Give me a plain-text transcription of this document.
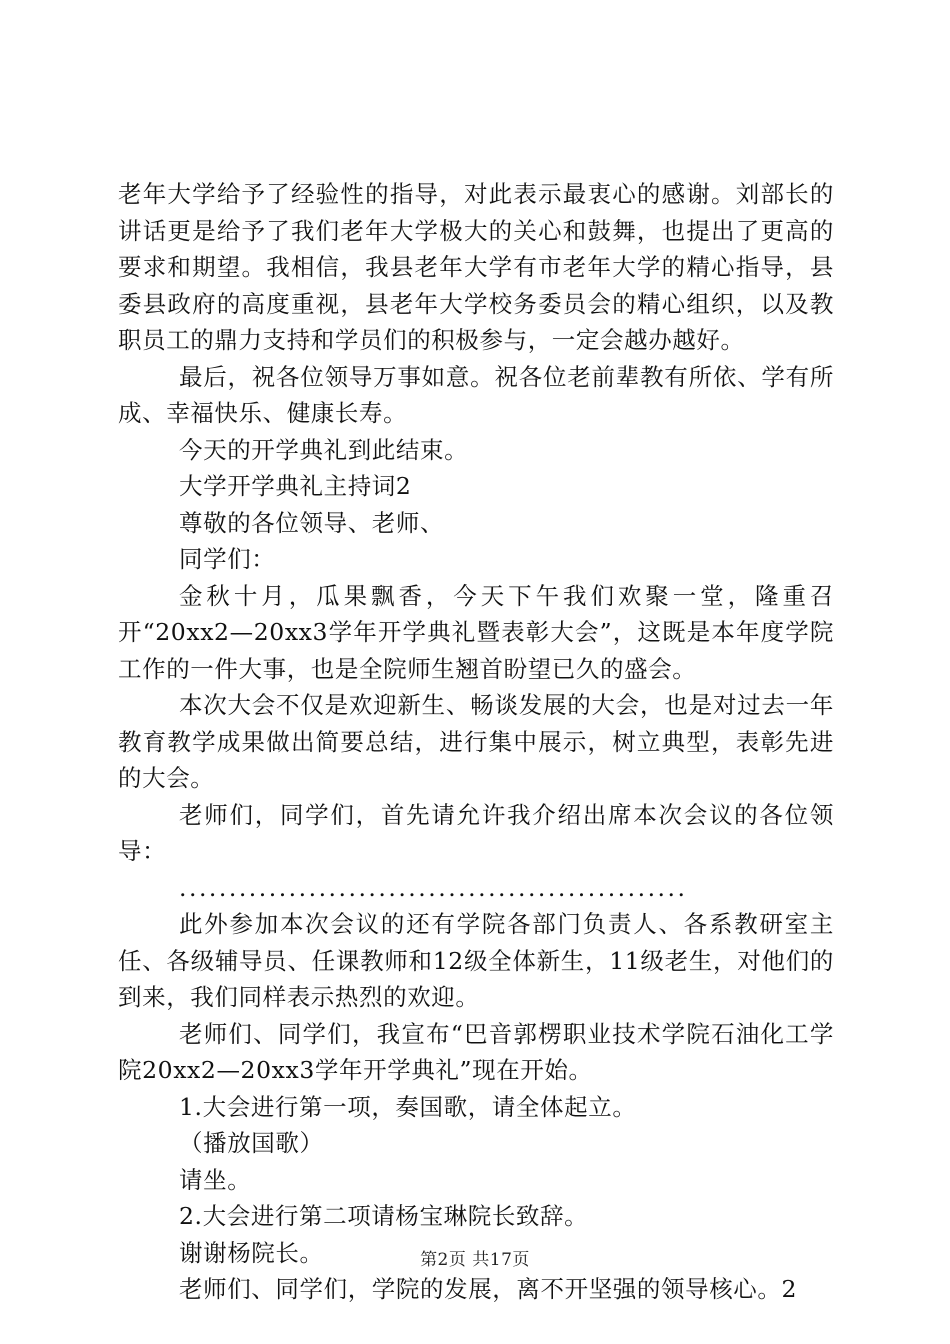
老年大学给予了经验性的指导，对此表示最衷心的感谢。刘部长的讲话更是给予了我们老年大学极大的关心和鼓舞，也提出了更高的要求和期望。我相信，我县老年大学有市老年大学的精心指导，县委县政府的高度重视，县老年大学校务委员会的精心组织，以及教职员工的鼎力支持和学员们的积极参与，一定会越办越好。

最后，祝各位领导万事如意。祝各位老前辈教有所依、学有所成、幸福快乐、健康长寿。

今天的开学典礼到此结束。

大学开学典礼主持词2

尊敬的各位领导、老师、

同学们：

金秋十月，瓜果飘香，今天下午我们欢聚一堂，隆重召开“20xx2—20xx3学年开学典礼暨表彰大会”，这既是本年度学院工作的一件大事，也是全院师生翘首盼望已久的盛会。

本次大会不仅是欢迎新生、畅谈发展的大会，也是对过去一年教育教学成果做出简要总结，进行集中展示，树立典型，表彰先进的大会。

老师们，同学们，首先请允许我介绍出席本次会议的各位领导：

...................................................

此外参加本次会议的还有学院各部门负责人、各系教研室主任、各级辅导员、任课教师和12级全体新生，11级老生，对他们的到来，我们同样表示热烈的欢迎。

老师们、同学们，我宣布“巴音郭楞职业技术学院石油化工学院20xx2—20xx3学年开学典礼”现在开始。

1.大会进行第一项，奏国歌，请全体起立。

（播放国歌）

请坐。

2.大会进行第二项请杨宝琳院长致辞。

谢谢杨院长。

老师们、同学们，学院的发展，离不开坚强的领导核心。2

第2页 共17页
